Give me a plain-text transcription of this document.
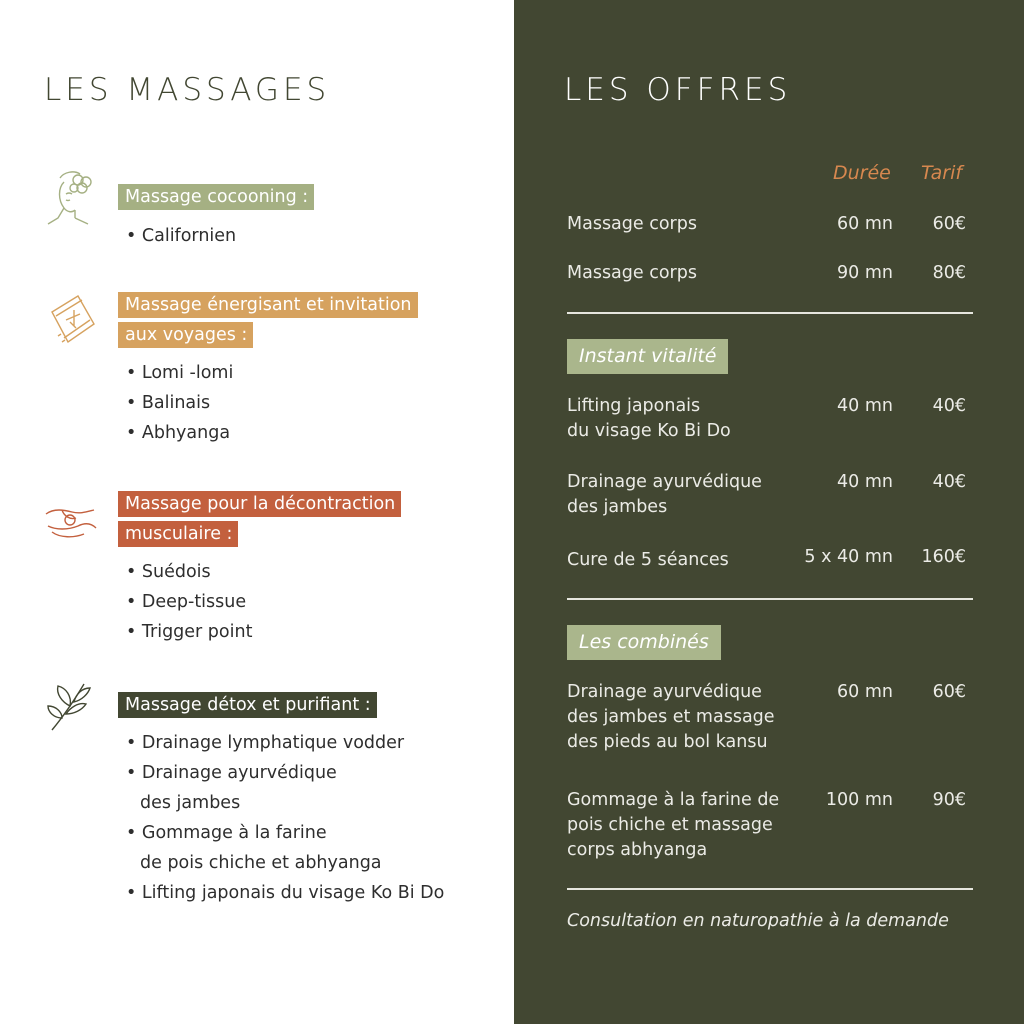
LES MASSAGES
Massage cocooning :
• Californien
Massage énergisant et invitation
aux voyages :
• Lomi -lomi
• Balinais
• Abhyanga
Massage pour la décontraction
musculaire :
• Suédois
• Deep-tissue
• Trigger point
Massage détox et purifiant :
• Drainage lymphatique vodder
• Drainage ayurvédique
des jambes
• Gommage à la farine
de pois chiche et abhyanga
• Lifting japonais du visage Ko Bi Do
LES OFFRES
Durée Tarif
Massage corps	60 mn 60€
Massage corps	90 mn 80€
Instant vitalité
Lifting japonais
du visage Ko Bi Do
40 mn 40€
Drainage ayurvédique
des jambes
40 mn 40€
Cure de 5 séances	5 x 40 mn 160€
Les combinés
Drainage ayurvédique
des jambes et massage
des pieds au bol kansu
60 mn 60€
Gommage à la farine de
pois chiche et massage
corps abhyanga
100 mn 90€
Consultation en naturopathie à la demande
